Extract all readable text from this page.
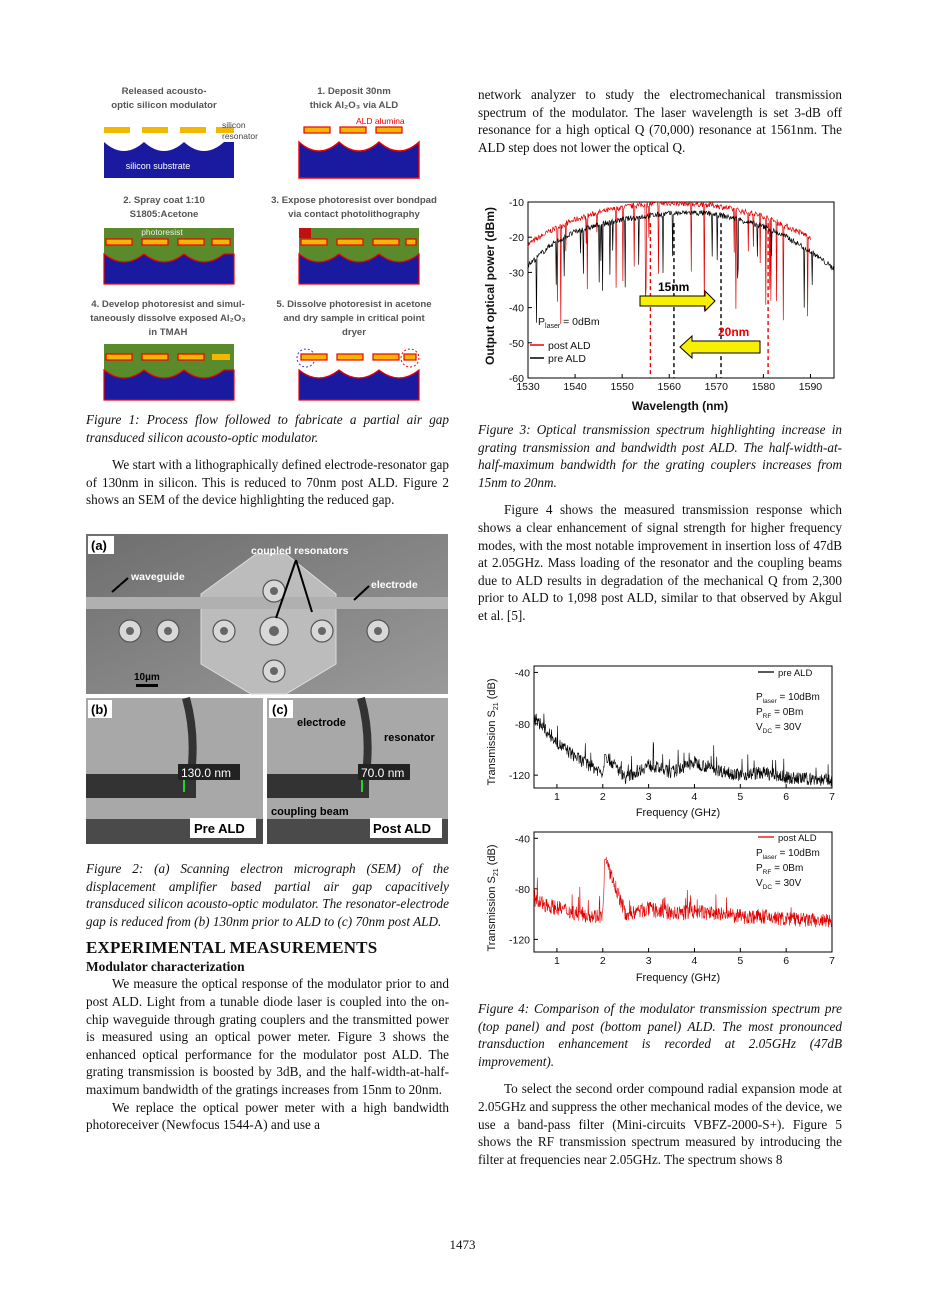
Released acousto-
optic silicon modulator
1. Deposit 30nm
thick Al₂O₃ via ALD
2. Spray coat 1:10
S1805:Acetone
3. Expose photoresist over bondpad
via contact photolithography
4. Develop photoresist and simul-
taneously dissolve exposed Al₂O₃
in TMAH
5. Dissolve photoresist in acetone
and dry sample in critical point
dryer
silicon
resonator
silicon substrate
ALD alumina
photoresist

Figure 1: Process flow followed to fabricate a partial air gap transduced silicon acousto-optic modulator.

We start with a lithographically defined electrode-resonator gap of 130nm in silicon. This is reduced to 70nm post ALD. Figure 2 shows an SEM of the device highlighting the reduced gap.

(a)	coupled resonators
waveguide
electrode
10µm
(b)
130.0 nm
Pre ALD
(c)
electrode
resonator
70.0 nm
coupling beam
Post ALD

Figure 2: (a) Scanning electron micrograph (SEM) of the displacement amplifier based partial air gap capacitively transduced silicon acousto-optic modulator. The resonator-electrode gap is reduced from (b) 130nm prior to ALD to (c) 70nm post ALD.

EXPERIMENTAL MEASUREMENTS

Modulator characterization

We measure the optical response of the modulator prior to and post ALD. Light from a tunable diode laser is coupled into the on-chip waveguide through grating couplers and the transmitted power is measured using an optical power meter. Figure 3 shows the enhanced optical performance for the modulator post ALD. The grating transmission is boosted by 3dB, and the half-width-at-half-maximum bandwidth of the gratings increases from 15nm to 20nm.

We replace the optical power meter with a high bandwidth photoreceiver (Newfocus 1544-A) and use a

network analyzer to study the electromechanical transmission spectrum of the modulator. The laser wavelength is set 3-dB off resonance for a high optical Q (70,000) resonance at 1561nm. The ALD step does not lower the optical Q.

1530 1540 1550 1560 1570 1580 1590
-10
-20
-30
-40
-50
-60
Wavelength (nm)
Output optical power (dBm)	15nm
20nm
$P_{laser} = 0dBm$
post ALD
pre ALD

Figure 3: Optical transmission spectrum highlighting increase in grating transmission and bandwidth post ALD. The half-width-at-half-maximum bandwidth for the grating couplers increases from 15nm to 20nm.

Figure 4 shows the measured transmission response which shows a clear enhancement of signal strength for higher frequency modes, with the most notable improvement in insertion loss of 47dB at 2.05GHz. Mass loading of the resonator and the coupling beams due to ALD results in degradation of the mechanical Q from 2,300 prior to ALD to 1,098 post ALD, similar to that observed by Akgul et al. [5].

1	2	3	4	5	6	7
-40
-80
-120
1	2	3	4	5	6	7
-40
-80
-120
Transmission $S_{21}$ (dB)
Frequency (GHz)
pre ALD
$P_{laser} = 10dBm$
$P_{RF} = 0Bm$
$V_{DC} = 30V$
Transmission $S_{21}$ (dB)
Frequency (GHz)
post ALD
$P_{laser} = 10dBm$
$P_{RF} = 0Bm$
$V_{DC} = 30V$

Figure 4: Comparison of the modulator transmission spectrum pre (top panel) and post (bottom panel) ALD. The most pronounced transduction enhancement is recorded at 2.05GHz (47dB improvement).

To select the second order compound radial expansion mode at 2.05GHz and suppress the other mechanical modes of the device, we use a band-pass filter (Mini-circuits VBFZ-2000-S+). Figure 5 shows the RF transmission spectrum measured by introducing the filter at frequencies near 2.05GHz. The spectrum shows 8

1473
